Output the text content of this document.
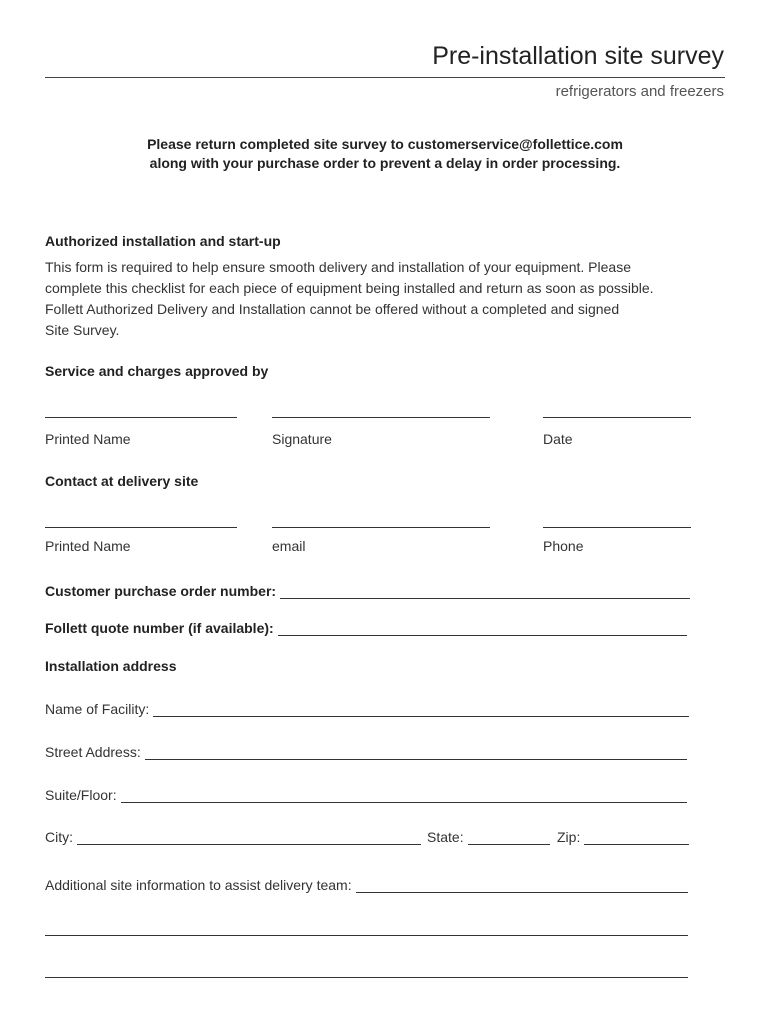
Pre-installation site survey
refrigerators and freezers
Please return completed site survey to customerservice@follettice.com
along with your purchase order to prevent a delay in order processing.
Authorized installation and start-up
This form is required to help ensure smooth delivery and installation of your equipment. Please
complete this checklist for each piece of equipment being installed and return as soon as possible.
Follett Authorized Delivery and Installation cannot be offered without a completed and signed
Site Survey.
Service and charges approved by
Printed Name	Signature	Date
Contact at delivery site
Printed Name	email	Phone
Customer purchase order number:
Follett quote number (if available):
Installation address
Name of Facility:
Street Address:
Suite/Floor:
City:	State:	Zip:
Additional site information to assist delivery team:
